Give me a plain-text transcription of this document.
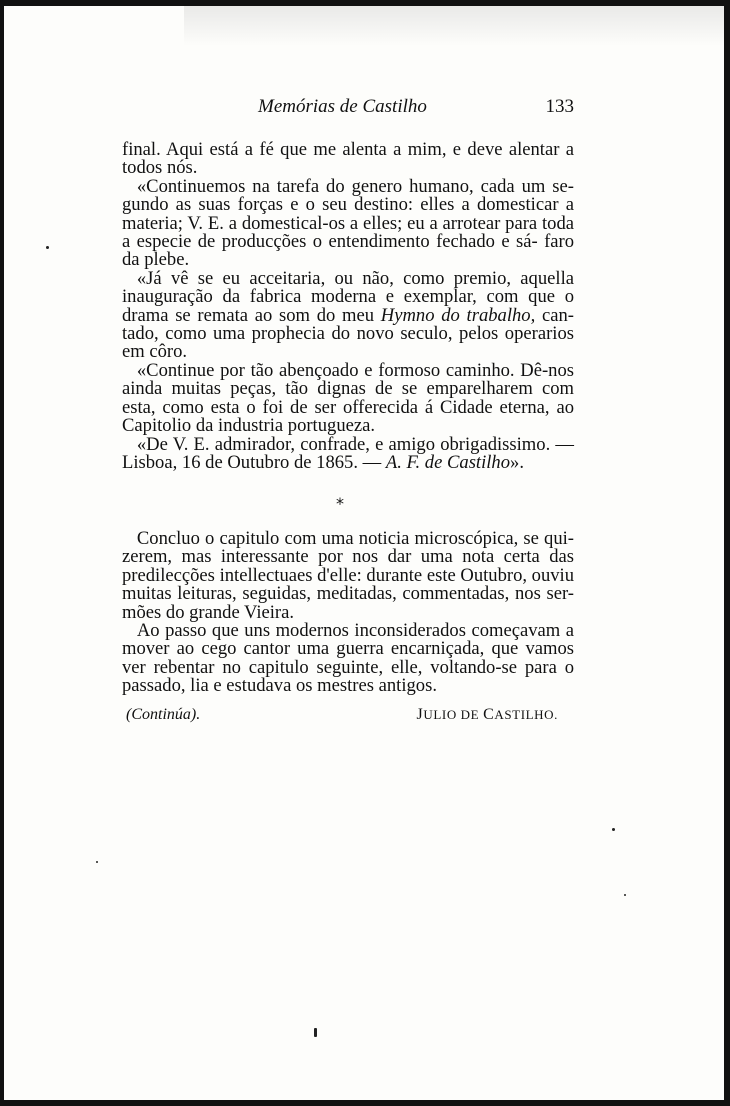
Memórias de Castilho	133

final. Aqui está a fé que me alenta a mim, e deve alentar a todos nós.

«Continuemos na tarefa do genero humano, cada um se- gundo as suas forças e o seu destino: elles a domesticar a materia; V. E. a domestical-os a elles; eu a arrotear para toda a especie de producções o entendimento fechado e sá- faro da plebe.

«Já vê se eu acceitaria, ou não, como premio, aquella inauguração da fabrica moderna e exemplar, com que o drama se remata ao som do meu Hymno do trabalho, can- tado, como uma prophecia do novo seculo, pelos operarios em côro.

«Continue por tão abençoado e formoso caminho. Dê-nos ainda muitas peças, tão dignas de se emparelharem com esta, como esta o foi de ser offerecida á Cidade eterna, ao Capitolio da industria portugueza.

«De V. E. admirador, confrade, e amigo obrigadissimo. — Lisboa, 16 de Outubro de 1865. — A. F. de Castilho».

*

Concluo o capitulo com uma noticia microscópica, se qui- zerem, mas interessante por nos dar uma nota certa das predilecções intellectuaes d'elle: durante este Outubro, ouviu muitas leituras, seguidas, meditadas, commentadas, nos ser- mões do grande Vieira.

Ao passo que uns modernos inconsiderados começavam a mover ao cego cantor uma guerra encarniçada, que vamos ver rebentar no capitulo seguinte, elle, voltando-se para o passado, lia e estudava os mestres antigos.

(Continúa).	JULIO DE CASTILHO.
